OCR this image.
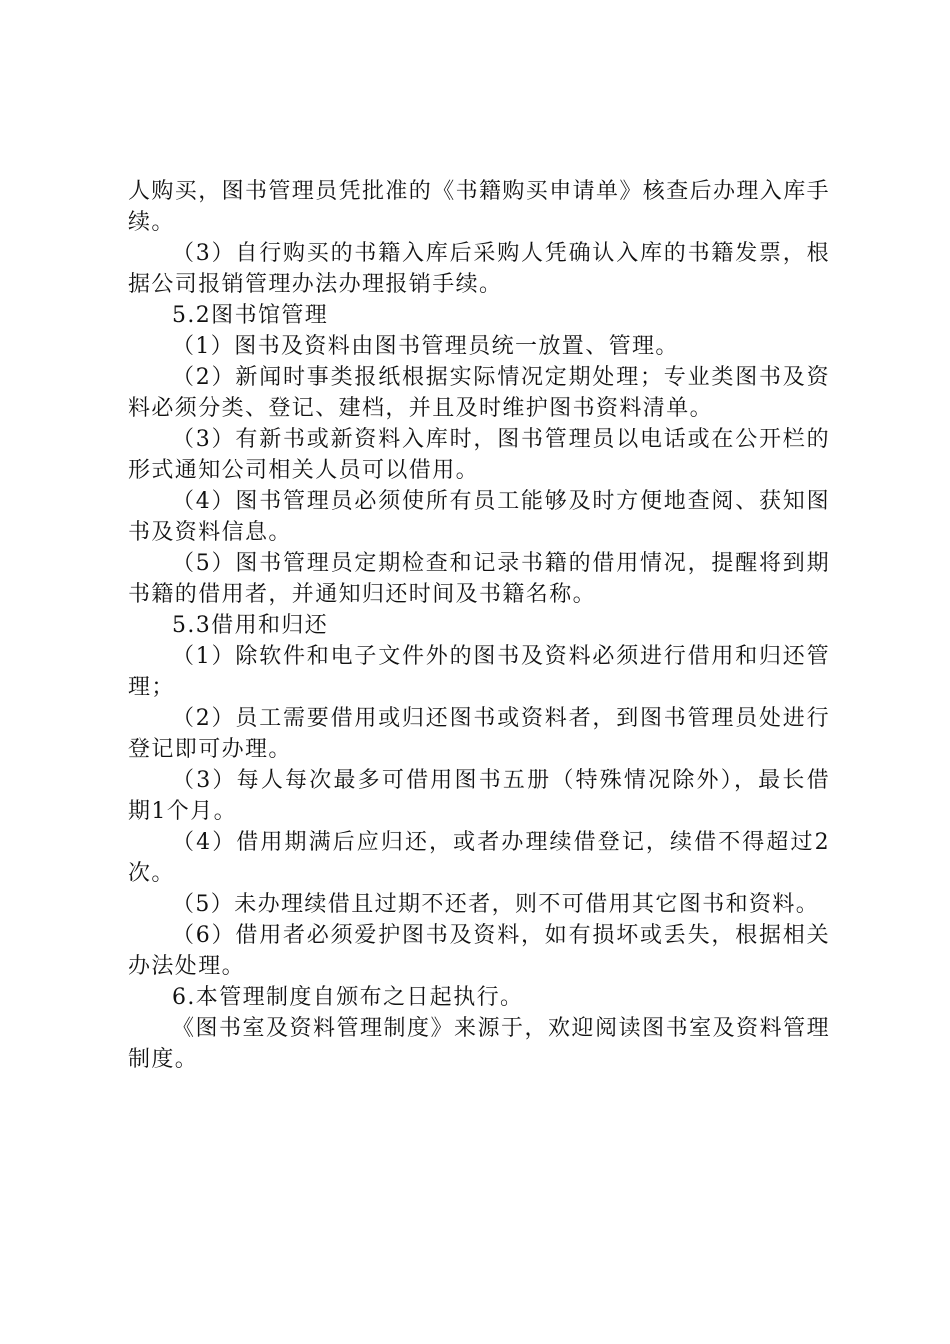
人购买，图书管理员凭批准的《书籍购买申请单》核查后办理入库手续。

（3）自行购买的书籍入库后采购人凭确认入库的书籍发票，根据公司报销管理办法办理报销手续。

5.2图书馆管理

（1）图书及资料由图书管理员统一放置、管理。

（2）新闻时事类报纸根据实际情况定期处理；专业类图书及资料必须分类、登记、建档，并且及时维护图书资料清单。

（3）有新书或新资料入库时，图书管理员以电话或在公开栏的形式通知公司相关人员可以借用。

（4）图书管理员必须使所有员工能够及时方便地查阅、获知图书及资料信息。

（5）图书管理员定期检查和记录书籍的借用情况，提醒将到期书籍的借用者，并通知归还时间及书籍名称。

5.3借用和归还

（1）除软件和电子文件外的图书及资料必须进行借用和归还管理；

（2）员工需要借用或归还图书或资料者，到图书管理员处进行登记即可办理。

（3）每人每次最多可借用图书五册（特殊情况除外），最长借期1个月。

（4）借用期满后应归还，或者办理续借登记，续借不得超过2次。

（5）未办理续借且过期不还者，则不可借用其它图书和资料。

（6）借用者必须爱护图书及资料，如有损坏或丢失，根据相关办法处理。

6.本管理制度自颁布之日起执行。

《图书室及资料管理制度》来源于，欢迎阅读图书室及资料管理制度。
